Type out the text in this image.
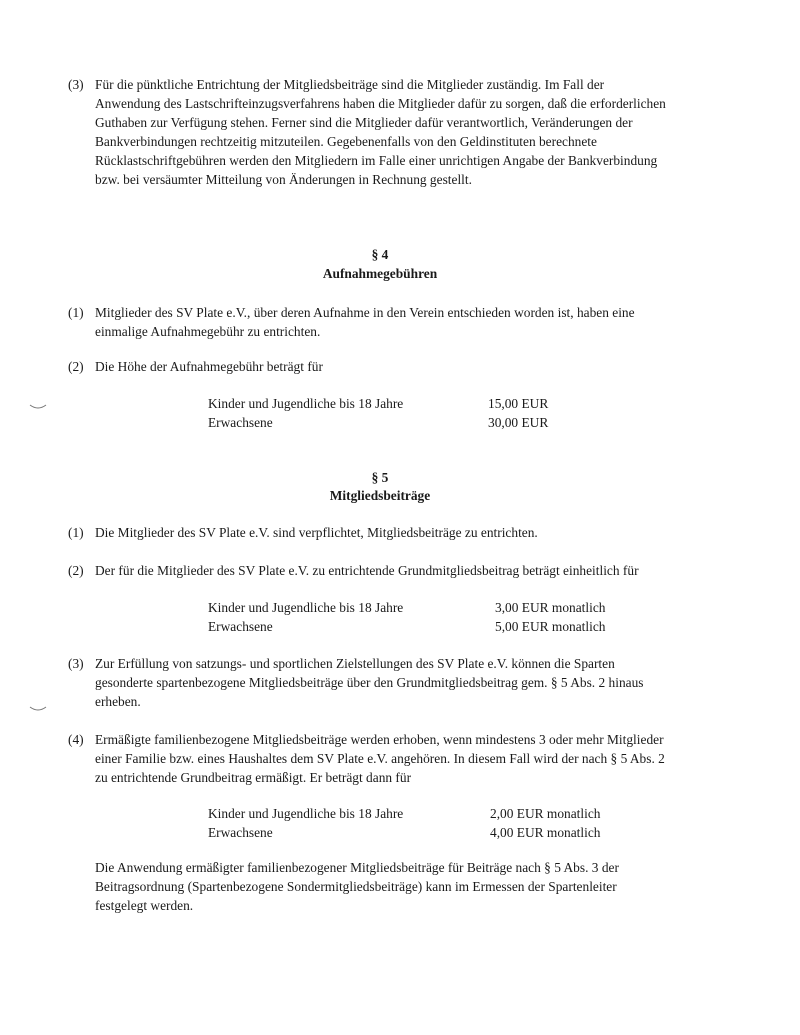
(3) Für die pünktliche Entrichtung der Mitgliedsbeiträge sind die Mitglieder zuständig. Im Fall der Anwendung des Lastschrifteinzugsverfahrens haben die Mitglieder dafür zu sorgen, daß die erforderlichen Guthaben zur Verfügung stehen. Ferner sind die Mitglieder dafür verantwortlich, Veränderungen der Bankverbindungen rechtzeitig mitzuteilen. Gegebenenfalls von den Geldinstituten berechnete Rücklastschriftgebühren werden den Mitgliedern im Falle einer unrichtigen Angabe der Bankverbindung bzw. bei versäumter Mitteilung von Änderungen in Rechnung gestellt.
§ 4
Aufnahmegebühren
(1) Mitglieder des SV Plate e.V., über deren Aufnahme in den Verein entschieden worden ist, haben eine einmalige Aufnahmegebühr zu entrichten.
(2) Die Höhe der Aufnahmegebühr beträgt für
Kinder und Jugendliche bis 18 Jahre	15,00 EUR
Erwachsene	30,00 EUR
§ 5
Mitgliedsbeiträge
(1) Die Mitglieder des SV Plate e.V. sind verpflichtet, Mitgliedsbeiträge zu entrichten.
(2) Der für die Mitglieder des SV Plate e.V. zu entrichtende Grundmitgliedsbeitrag beträgt einheitlich für
Kinder und Jugendliche bis 18 Jahre	3,00 EUR monatlich
Erwachsene	5,00 EUR monatlich
(3) Zur Erfüllung von satzungs- und sportlichen Zielstellungen des SV Plate e.V. können die Sparten gesonderte spartenbezogene Mitgliedsbeiträge über den Grundmitgliedsbeitrag gem. § 5 Abs. 2 hinaus erheben.
(4) Ermäßigte familienbezogene Mitgliedsbeiträge werden erhoben, wenn mindestens 3 oder mehr Mitglieder einer Familie bzw. eines Haushaltes dem SV Plate e.V. angehören. In diesem Fall wird der nach § 5 Abs. 2 zu entrichtende Grundbeitrag ermäßigt. Er beträgt dann für
Kinder und Jugendliche bis 18 Jahre	2,00 EUR monatlich
Erwachsene	4,00 EUR monatlich
Die Anwendung ermäßigter familienbezogener Mitgliedsbeiträge für Beiträge nach § 5 Abs. 3 der Beitragsordnung (Spartenbezogene Sondermitgliedsbeiträge) kann im Ermessen der Spartenleiter festgelegt werden.
